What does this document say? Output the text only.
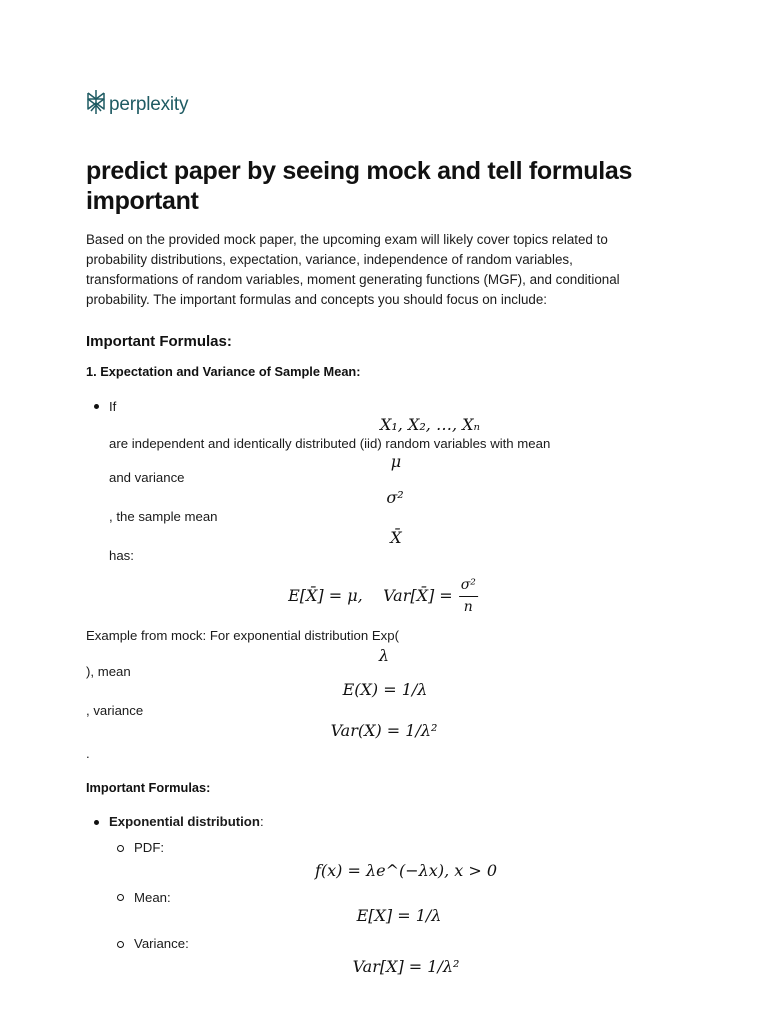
perplexity
predict paper by seeing mock and tell formulas important
Based on the provided mock paper, the upcoming exam will likely cover topics related to probability distributions, expectation, variance, independence of random variables, transformations of random variables, moment generating functions (MGF), and conditional probability. The important formulas and concepts you should focus on include:
Important Formulas:
1. Expectation and Variance of Sample Mean:
If
X₁, X₂, …, Xₙ
are independent and identically distributed (iid) random variables with mean
μ
and variance
σ²
, the sample mean
X̄
has:
E[X̄] = μ,    Var[X̄] = $\frac{\text{σ²}}{n}$
Example from mock: For exponential distribution Exp(
λ
), mean
E(X) = 1/λ
, variance
Var(X) = 1/λ²
.
Important Formulas:
Exponential distribution:
PDF:
f(x) = λe^(−λx), x > 0
Mean:
E[X] = 1/λ
Variance:
Var[X] = 1/λ²
